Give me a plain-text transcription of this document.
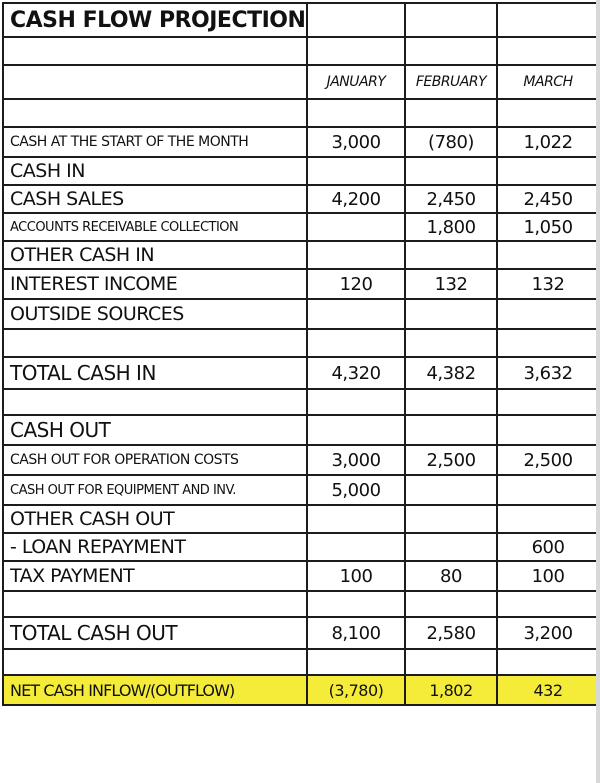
CASH FLOW PROJECTION			

	JANUARY	FEBRUARY	MARCH

CASH AT THE START OF THE MONTH	3,000	(780)	1,022
CASH IN			
CASH SALES	4,200	2,450	2,450
ACCOUNTS RECEIVABLE COLLECTION		1,800	1,050
OTHER CASH IN			
INTEREST INCOME	120	132	132
OUTSIDE SOURCES			

TOTAL CASH IN	4,320	4,382	3,632

CASH OUT			
CASH OUT FOR OPERATION COSTS	3,000	2,500	2,500
CASH OUT FOR EQUIPMENT AND INV.	5,000		
OTHER CASH OUT			
- LOAN REPAYMENT			600
TAX PAYMENT	100	80	100

TOTAL CASH OUT	8,100	2,580	3,200

NET CASH INFLOW/(OUTFLOW)	(3,780)	1,802	432
